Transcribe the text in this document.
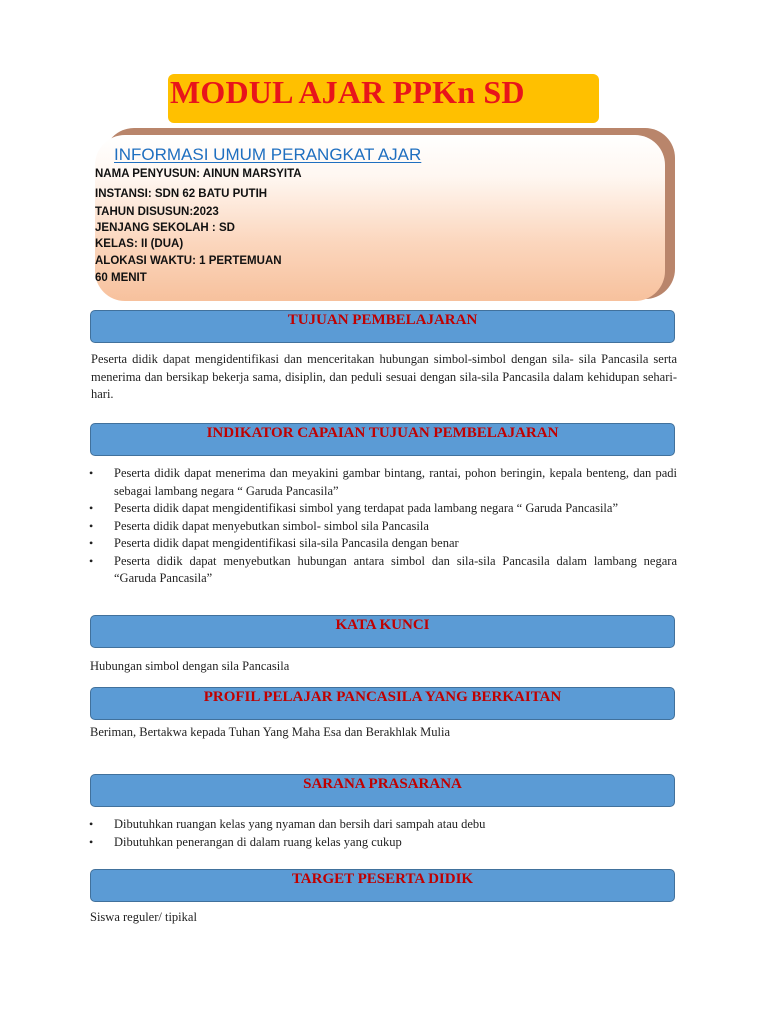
MODUL AJAR PPKn SD
INFORMASI UMUM PERANGKAT AJAR
NAMA PENYUSUN: AINUN MARSYITA
INSTANSI: SDN 62 BATU PUTIH
TAHUN DISUSUN:2023
JENJANG SEKOLAH : SD
KELAS: II (DUA)
ALOKASI WAKTU: 1 PERTEMUAN
60 MENIT
TUJUAN PEMBELAJARAN
Peserta didik dapat mengidentifikasi dan menceritakan hubungan simbol-simbol dengan sila- sila Pancasila serta menerima dan bersikap bekerja sama, disiplin, dan peduli sesuai dengan sila-sila Pancasila dalam kehidupan sehari-hari.
INDIKATOR CAPAIAN TUJUAN PEMBELAJARAN
• Peserta didik dapat menerima dan meyakini gambar bintang, rantai, pohon beringin, kepala benteng, dan padi sebagai lambang negara “ Garuda Pancasila”
• Peserta didik dapat mengidentifikasi simbol yang terdapat pada lambang negara “ Garuda Pancasila”
• Peserta didik dapat menyebutkan simbol- simbol sila Pancasila
• Peserta didik dapat mengidentifikasi sila-sila Pancasila dengan benar
• Peserta didik dapat menyebutkan hubungan antara simbol dan sila-sila Pancasila dalam lambang negara “Garuda Pancasila”
KATA KUNCI
Hubungan simbol dengan sila Pancasila
PROFIL PELAJAR PANCASILA YANG BERKAITAN
Beriman, Bertakwa kepada Tuhan Yang Maha Esa dan Berakhlak Mulia
SARANA PRASARANA
• Dibutuhkan ruangan kelas yang nyaman dan bersih dari sampah atau debu
• Dibutuhkan penerangan di dalam ruang kelas yang cukup
TARGET PESERTA DIDIK
Siswa reguler/ tipikal
